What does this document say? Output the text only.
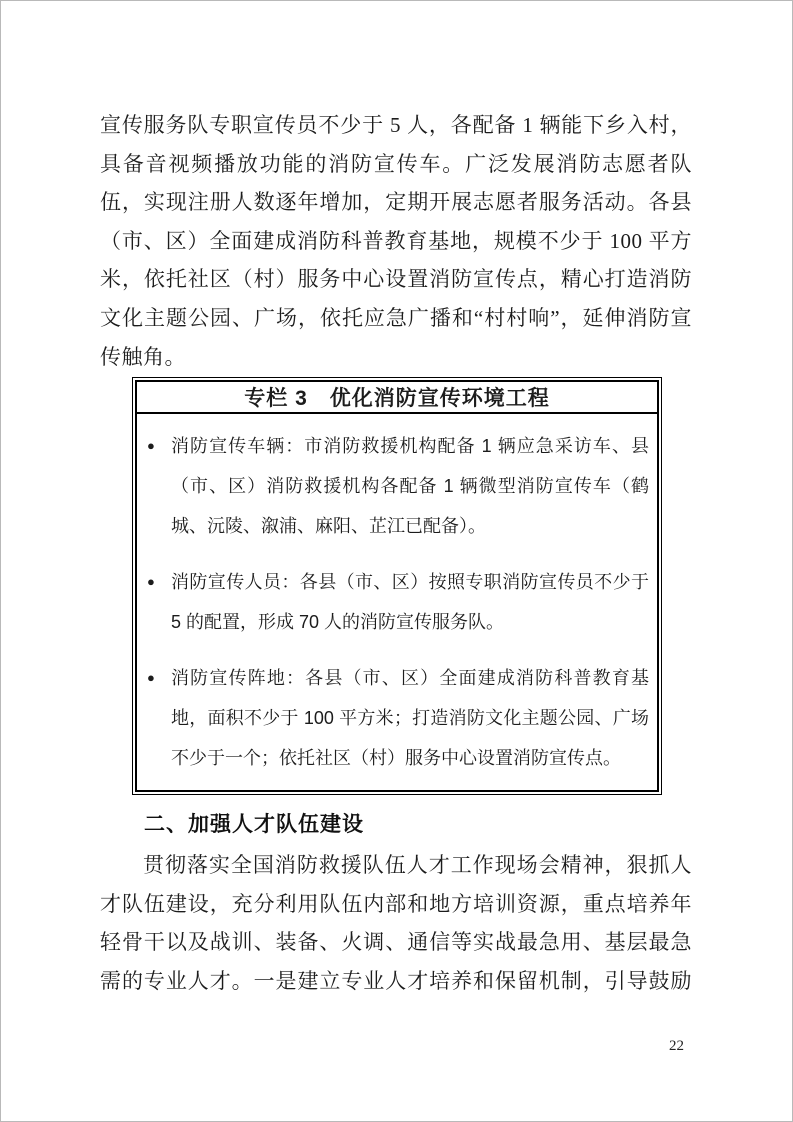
宣传服务队专职宣传员不少于 5 人，各配备 1 辆能下乡入村，具备音视频播放功能的消防宣传车。广泛发展消防志愿者队伍，实现注册人数逐年增加，定期开展志愿者服务活动。各县（市、区）全面建成消防科普教育基地，规模不少于 100 平方米，依托社区（村）服务中心设置消防宣传点，精心打造消防文化主题公园、广场，依托应急广播和“村村响”，延伸消防宣传触角。

专栏 3　优化消防宣传环境工程
● 消防宣传车辆：市消防救援机构配备 1 辆应急采访车、县（市、区）消防救援机构各配备 1 辆微型消防宣传车（鹤城、沅陵、溆浦、麻阳、芷江已配备）。
● 消防宣传人员：各县（市、区）按照专职消防宣传员不少于 5 的配置，形成 70 人的消防宣传服务队。
● 消防宣传阵地：各县（市、区）全面建成消防科普教育基地，面积不少于 100 平方米；打造消防文化主题公园、广场不少于一个；依托社区（村）服务中心设置消防宣传点。
二、加强人才队伍建设

贯彻落实全国消防救援队伍人才工作现场会精神，狠抓人才队伍建设，充分利用队伍内部和地方培训资源，重点培养年轻骨干以及战训、装备、火调、通信等实战最急用、基层最急需的专业人才。一是建立专业人才培养和保留机制，引导鼓励

22
